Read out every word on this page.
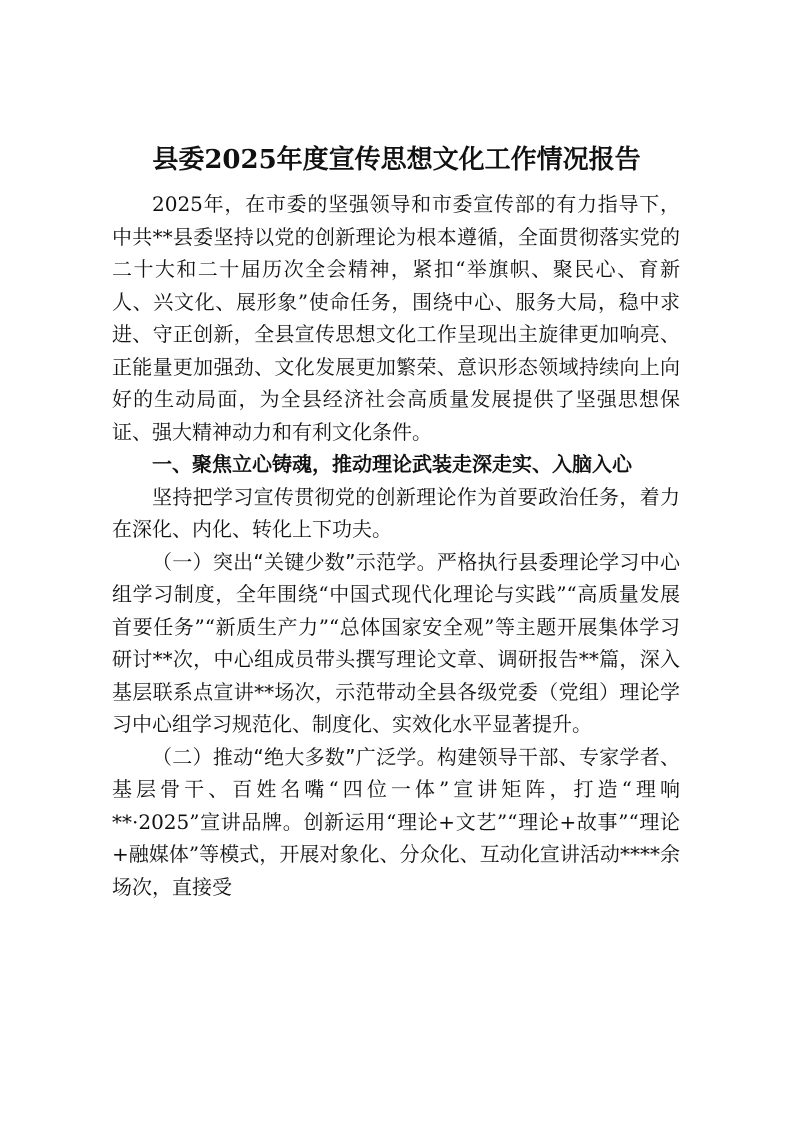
县委2025年度宣传思想文化工作情况报告

2025年，在市委的坚强领导和市委宣传部的有力指导下，中共**县委坚持以党的创新理论为根本遵循，全面贯彻落实党的二十大和二十届历次全会精神，紧扣“举旗帜、聚民心、育新人、兴文化、展形象”使命任务，围绕中心、服务大局，稳中求进、守正创新，全县宣传思想文化工作呈现出主旋律更加响亮、正能量更加强劲、文化发展更加繁荣、意识形态领域持续向上向好的生动局面，为全县经济社会高质量发展提供了坚强思想保证、强大精神动力和有利文化条件。

一、聚焦立心铸魂，推动理论武装走深走实、入脑入心

坚持把学习宣传贯彻党的创新理论作为首要政治任务，着力在深化、内化、转化上下功夫。

（一）突出“关键少数”示范学。严格执行县委理论学习中心组学习制度，全年围绕“中国式现代化理论与实践”“高质量发展首要任务”“新质生产力”“总体国家安全观”等主题开展集体学习研讨**次，中心组成员带头撰写理论文章、调研报告**篇，深入基层联系点宣讲**场次，示范带动全县各级党委（党组）理论学习中心组学习规范化、制度化、实效化水平显著提升。

（二）推动“绝大多数”广泛学。构建领导干部、专家学者、基层骨干、百姓名嘴“四位一体”宣讲矩阵，打造“理响**·2025”宣讲品牌。创新运用“理论+文艺”“理论+故事”“理论+融媒体”等模式，开展对象化、分众化、互动化宣讲活动****余场次，直接受
